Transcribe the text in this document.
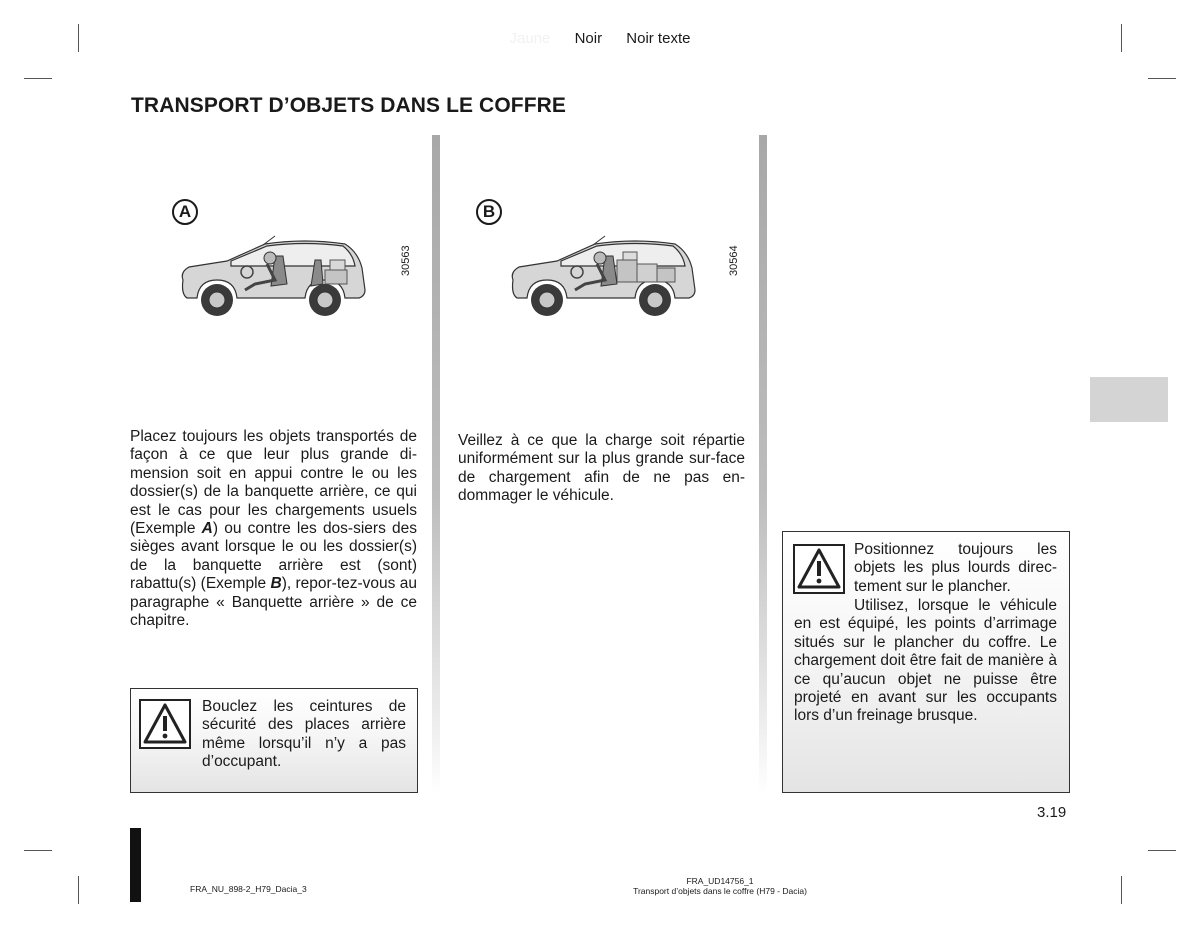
Jaune Noir Noir texte
TRANSPORT D’OBJETS DANS LE COFFRE
A
30563
B
30564

Placez toujours les objets transportés de façon à ce que leur plus grande di-mension soit en appui contre le ou les dossier(s) de la banquette arrière, ce qui est le cas pour les chargements usuels (Exemple A) ou contre les dos-siers des sièges avant lorsque le ou les dossier(s) de la banquette arrière est (sont) rabattu(s) (Exemple B), repor-tez-vous au paragraphe « Banquette arrière » de ce chapitre.

Bouclez les ceintures de sécurité des places arrière même lorsqu’il n’y a pas d’occupant.

Veillez à ce que la charge soit répartie uniformément sur la plus grande sur-face de chargement afin de ne pas en-dommager le véhicule.

Positionnez toujours les objets les plus lourds direc-tement sur le plancher.

Utilisez, lorsque le véhicule en est équipé, les points d’arrimage situés sur le plancher du coffre. Le chargement doit être fait de manière à ce qu’aucun objet ne puisse être projeté en avant sur les occupants lors d’un freinage brusque.

3.19
FRA_NU_898-2_H79_Dacia_3
FRA_UD14756_1
Transport d’objets dans le coffre (H79 - Dacia)
